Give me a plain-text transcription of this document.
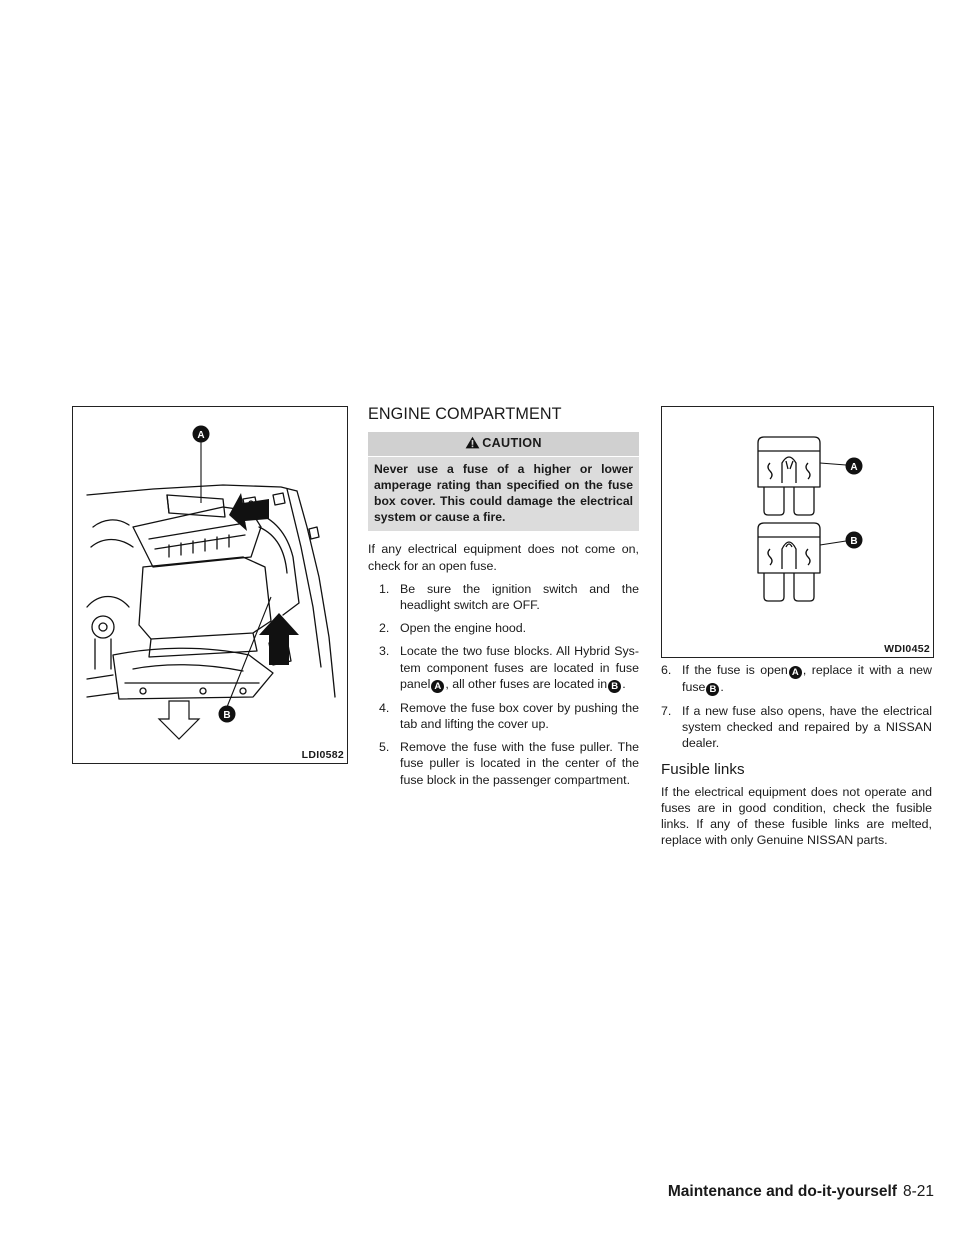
A
B
LDI0582
ENGINE COMPARTMENT
CAUTION
Never use a fuse of a higher or lower amperage rating than specified on the fuse box cover. This could damage the electrical system or cause a fire.

If any electrical equipment does not come on, check for an open fuse.

1. Be sure the ignition switch and the headlight switch are OFF.
2. Open the engine hood.
3. Locate the two fuse blocks. All Hybrid Sys-tem component fuses are located in fuse panel A , all other fuses are located in B .
4. Remove the fuse box cover by pushing the tab and lifting the cover up.
5. Remove the fuse with the fuse puller. The fuse puller is located in the center of the fuse block in the passenger compartment.
A
B
WDI0452
6. If the fuse is open A , replace it with a new fuse B .
7. If a new fuse also opens, have the electrical system checked and repaired by a NISSAN dealer.
Fusible links

If the electrical equipment does not operate and fuses are in good condition, check the fusible links. If any of these fusible links are melted, replace with only Genuine NISSAN parts.

Maintenance and do-it-yourself 8-21
